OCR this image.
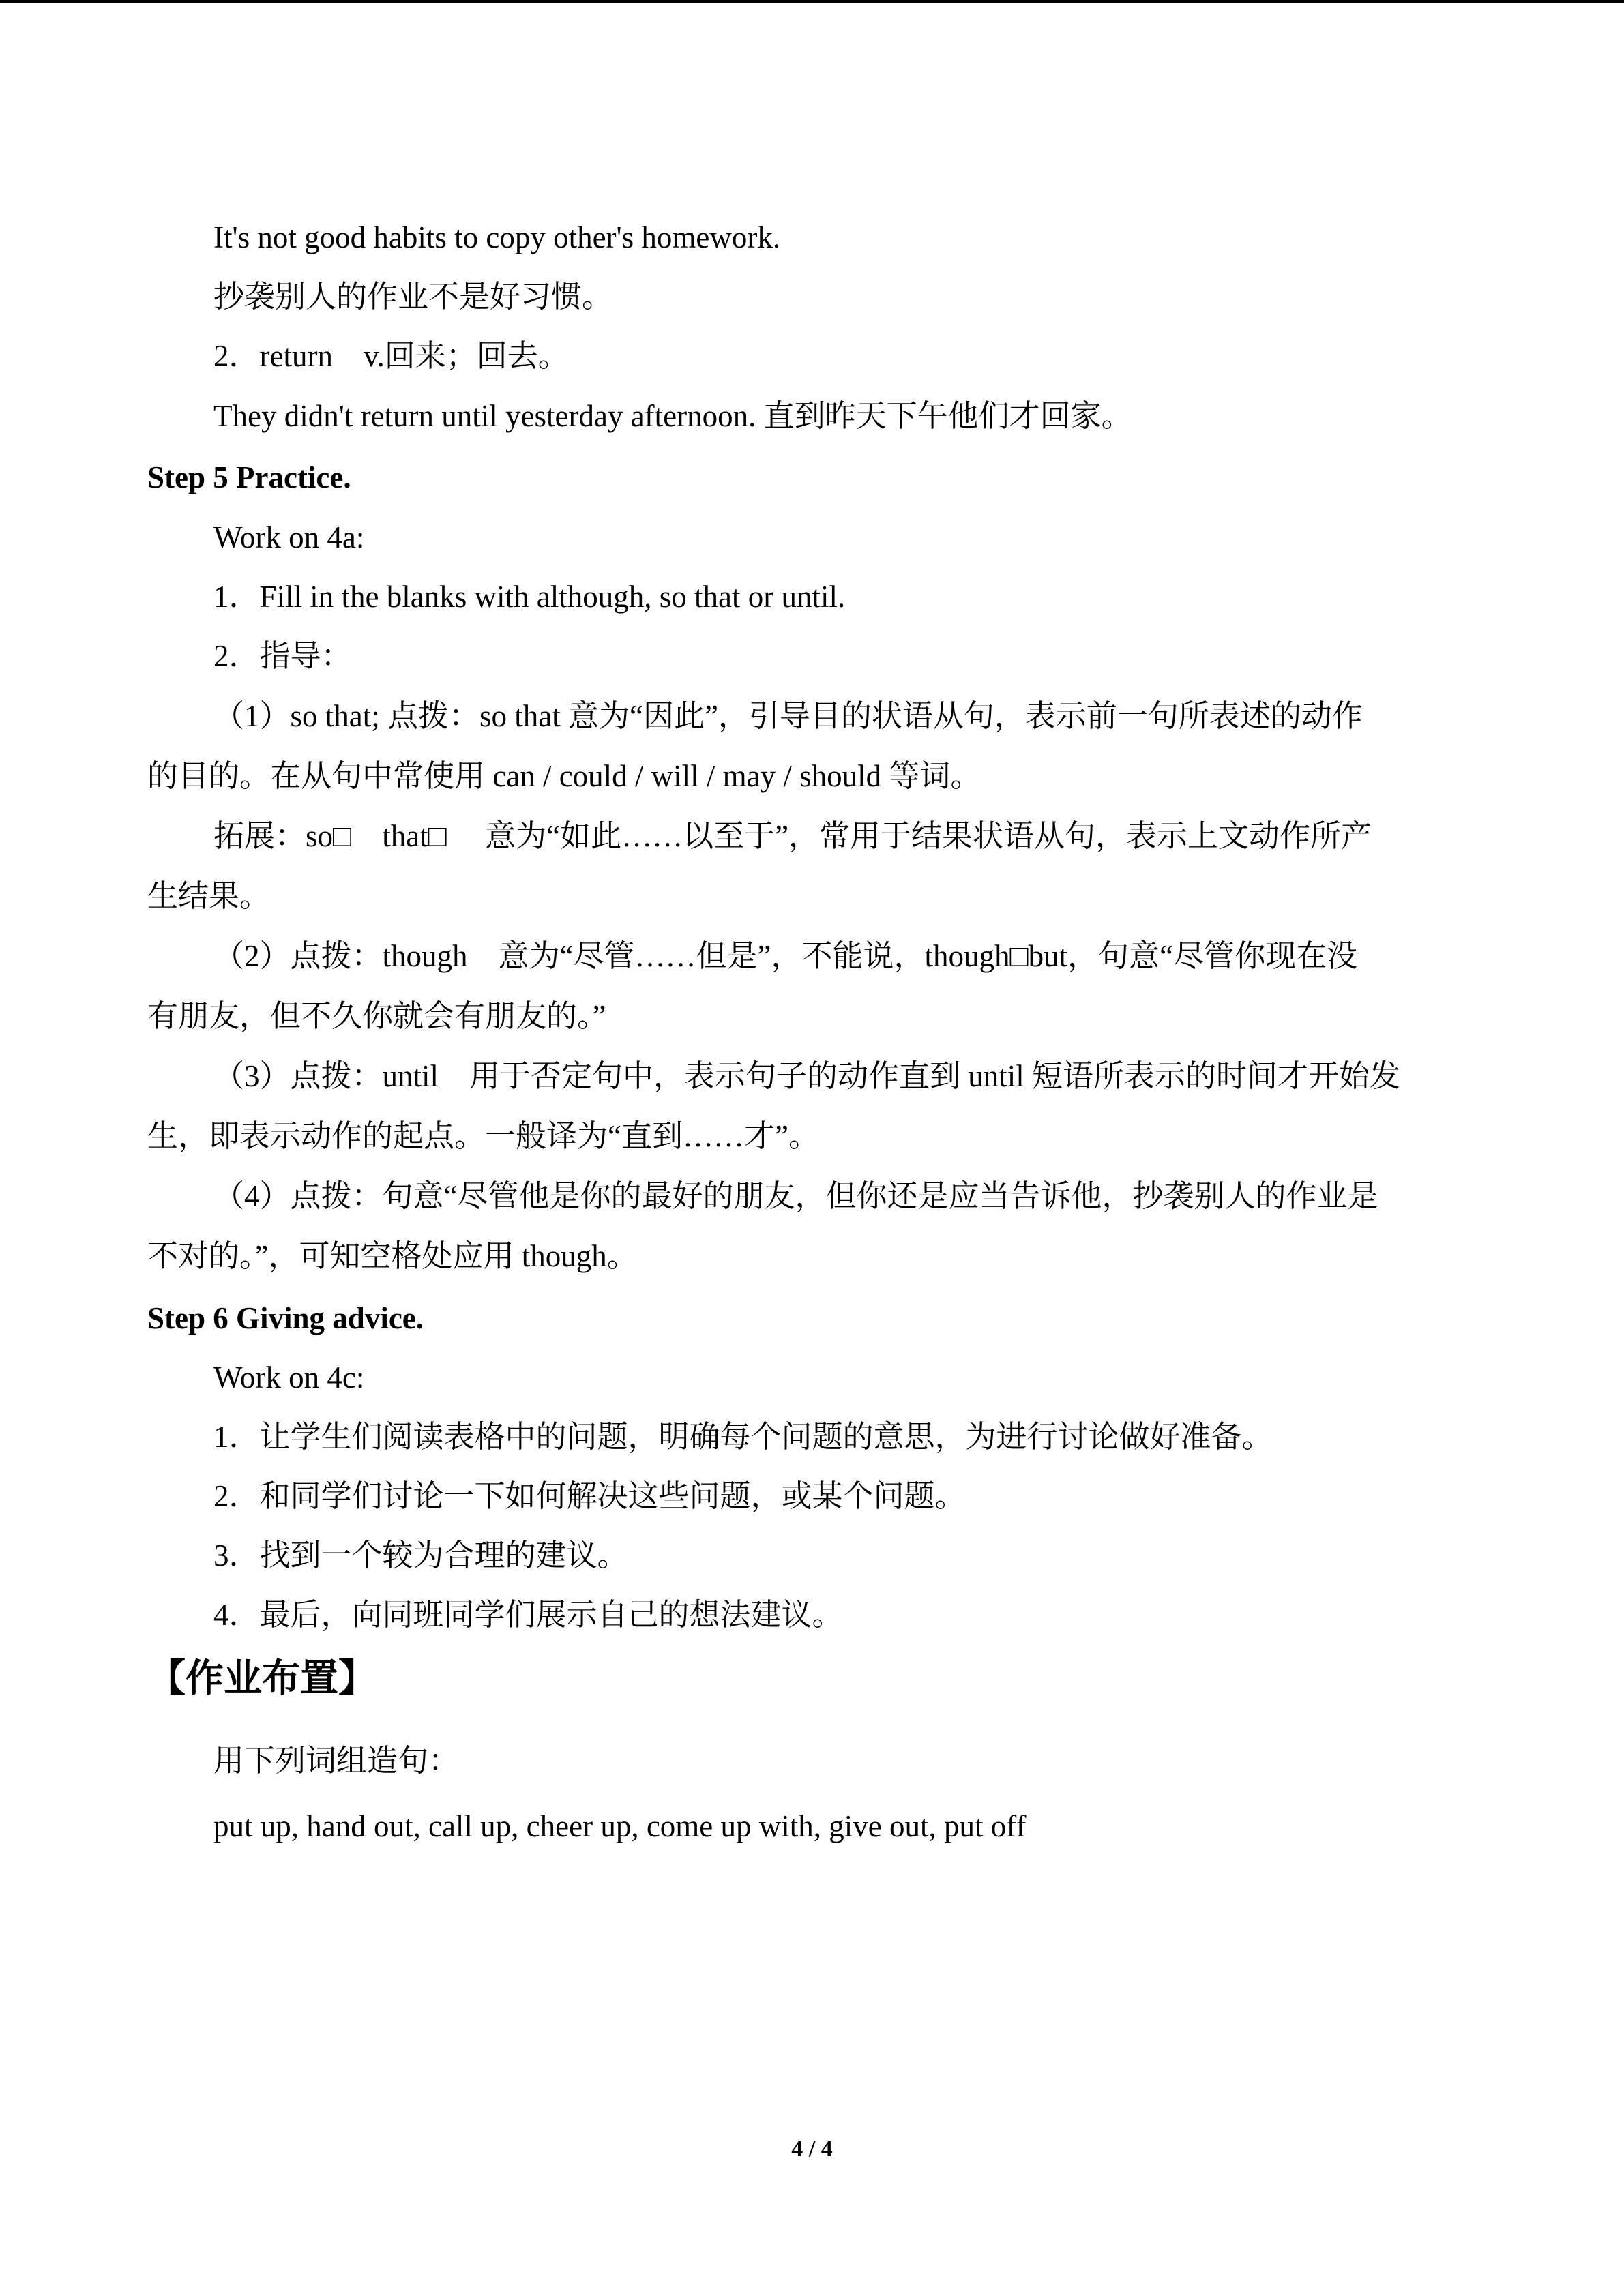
It's not good habits to copy other's homework.
抄袭别人的作业不是好习惯。
2．return　v.回来；回去。
They didn't return until yesterday afternoon. 直到昨天下午他们才回家。
Step 5 Practice.
Work on 4a:
1．Fill in the blanks with although, so that or until.
2．指导：
（1）so that; 点拨：so that 意为“因此”，引导目的状语从句，表示前一句所表述的动作
的目的。在从句中常使用 can / could / will / may / should 等词。
拓展：so□　that□　 意为“如此……以至于”，常用于结果状语从句，表示上文动作所产
生结果。
（2）点拨：though　意为“尽管……但是”，不能说，though□but，句意“尽管你现在没
有朋友，但不久你就会有朋友的。”
（3）点拨：until　用于否定句中，表示句子的动作直到 until 短语所表示的时间才开始发
生，即表示动作的起点。一般译为“直到……才”。
（4）点拨：句意“尽管他是你的最好的朋友，但你还是应当告诉他，抄袭别人的作业是
不对的。”，可知空格处应用 though。
Step 6 Giving advice.
Work on 4c:
1．让学生们阅读表格中的问题，明确每个问题的意思，为进行讨论做好准备。
2．和同学们讨论一下如何解决这些问题，或某个问题。
3．找到一个较为合理的建议。
4．最后，向同班同学们展示自己的想法建议。
【作业布置】
用下列词组造句：
put up, hand out, call up, cheer up, come up with, give out, put off
4 / 4
